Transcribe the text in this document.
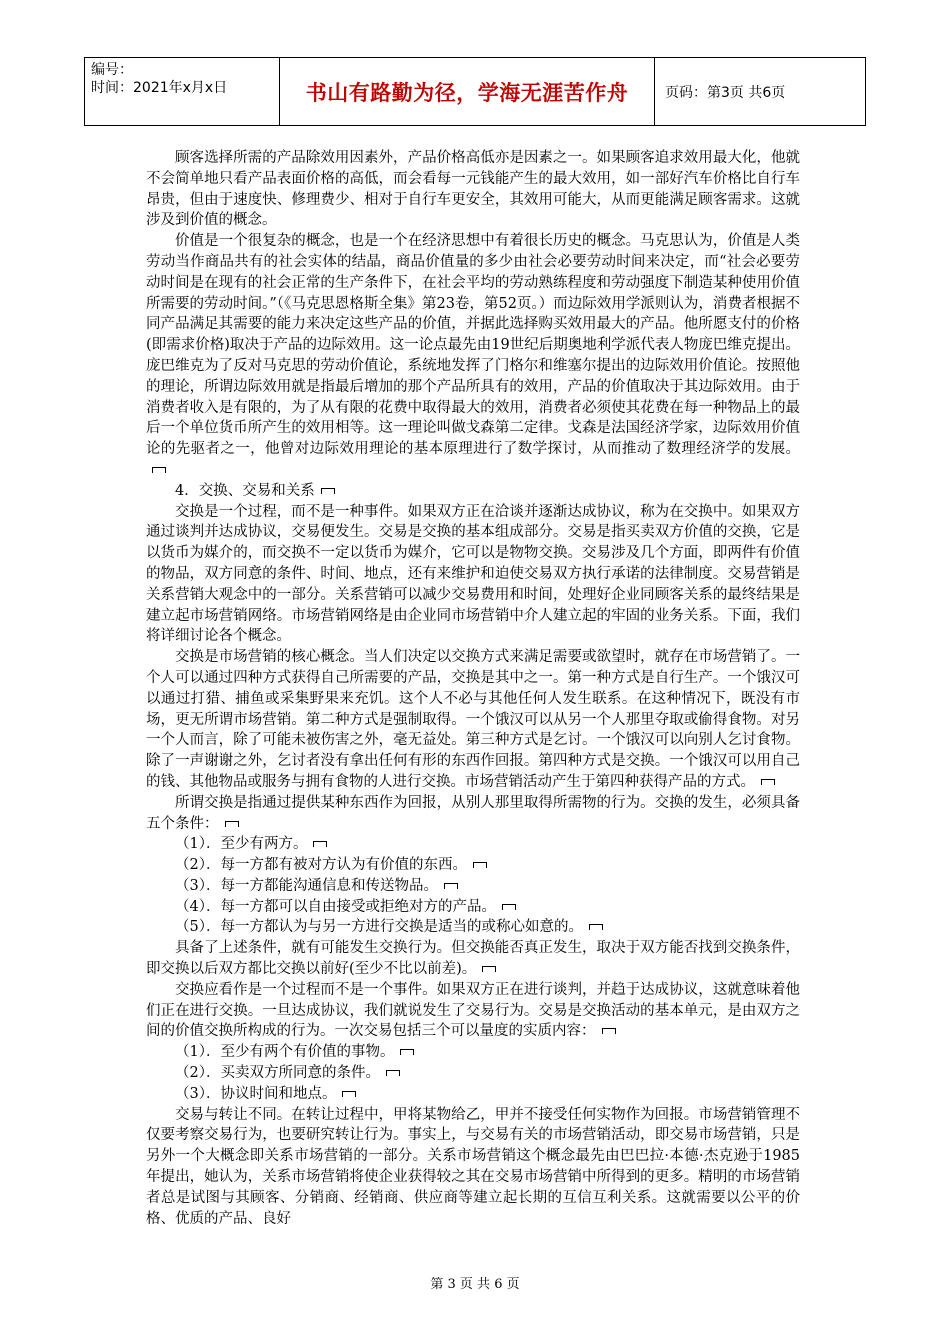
编号：
时间：2021年x月x日	书山有路勤为径，学海无涯苦作舟	页码：第3页 共6页

顾客选择所需的产品除效用因素外，产品价格高低亦是因素之一。如果顾客追求效用最大化，他就不会简单地只看产品表面价格的高低，而会看每一元钱能产生的最大效用，如一部好汽车价格比自行车昂贵，但由于速度快、修理费少、相对于自行车更安全，其效用可能大，从而更能满足顾客需求。这就涉及到价值的概念。

价值是一个很复杂的概念，也是一个在经济思想中有着很长历史的概念。马克思认为，价值是人类劳动当作商品共有的社会实体的结晶，商品价值量的多少由社会必要劳动时间来决定，而“社会必要劳动时间是在现有的社会正常的生产条件下，在社会平均的劳动熟练程度和劳动强度下制造某种使用价值所需要的劳动时间。”（《马克思恩格斯全集》第23卷，第52页。）而边际效用学派则认为，消费者根据不同产品满足其需要的能力来决定这些产品的价值，并据此选择购买效用最大的产品。他所愿支付的价格(即需求价格)取决于产品的边际效用。这一论点最先由19世纪后期奥地利学派代表人物庞巴维克提出。庞巴维克为了反对马克思的劳动价值论，系统地发挥了门格尔和维塞尔提出的边际效用价值论。按照他的理论，所谓边际效用就是指最后增加的那个产品所具有的效用，产品的价值取决于其边际效用。由于消费者收入是有限的，为了从有限的花费中取得最大的效用，消费者必须使其花费在每一种物品上的最后一个单位货币所产生的效用相等。这一理论叫做戈森第二定律。戈森是法国经济学家，边际效用价值论的先驱者之一，他曾对边际效用理论的基本原理进行了数学探讨，从而推动了数理经济学的发展。

4．交换、交易和关系

交换是一个过程，而不是一种事件。如果双方正在洽谈并逐渐达成协议，称为在交换中。如果双方通过谈判并达成协议，交易便发生。交易是交换的基本组成部分。交易是指买卖双方价值的交换，它是以货币为媒介的，而交换不一定以货币为媒介，它可以是物物交换。交易涉及几个方面，即两件有价值的物品，双方同意的条件、时间、地点，还有来维护和迫使交易双方执行承诺的法律制度。交易营销是关系营销大观念中的一部分。关系营销可以减少交易费用和时间，处理好企业同顾客关系的最终结果是建立起市场营销网络。市场营销网络是由企业同市场营销中介人建立起的牢固的业务关系。下面，我们将详细讨论各个概念。

交换是市场营销的核心概念。当人们决定以交换方式来满足需要或欲望时，就存在市场营销了。一个人可以通过四种方式获得自己所需要的产品，交换是其中之一。第一种方式是自行生产。一个饿汉可以通过打猎、捕鱼或采集野果来充饥。这个人不必与其他任何人发生联系。在这种情况下，既没有市场，更无所谓市场营销。第二种方式是强制取得。一个饿汉可以从另一个人那里夺取或偷得食物。对另一个人而言，除了可能未被伤害之外，毫无益处。第三种方式是乞讨。一个饿汉可以向别人乞讨食物。除了一声谢谢之外，乞讨者没有拿出任何有形的东西作回报。第四种方式是交换。一个饿汉可以用自己的钱、其他物品或服务与拥有食物的人进行交换。市场营销活动产生于第四种获得产品的方式。

所谓交换是指通过提供某种东西作为回报，从别人那里取得所需物的行为。交换的发生，必须具备五个条件：

（1）．至少有两方。

（2）．每一方都有被对方认为有价值的东西。

（3）．每一方都能沟通信息和传送物品。

（4）．每一方都可以自由接受或拒绝对方的产品。

（5）．每一方都认为与另一方进行交换是适当的或称心如意的。

具备了上述条件，就有可能发生交换行为。但交换能否真正发生，取决于双方能否找到交换条件，即交换以后双方都比交换以前好(至少不比以前差)。

交换应看作是一个过程而不是一个事件。如果双方正在进行谈判，并趋于达成协议，这就意味着他们正在进行交换。一旦达成协议，我们就说发生了交易行为。交易是交换活动的基本单元，是由双方之间的价值交换所构成的行为。一次交易包括三个可以量度的实质内容：

（1）．至少有两个有价值的事物。

（2）．买卖双方所同意的条件。

（3）．协议时间和地点。

交易与转让不同。在转让过程中，甲将某物给乙，甲并不接受任何实物作为回报。市场营销管理不仅要考察交易行为，也要研究转让行为。事实上，与交易有关的市场营销活动，即交易市场营销，只是另外一个大概念即关系市场营销的一部分。关系市场营销这个概念最先由巴巴拉·本德·杰克逊于1985年提出，她认为，关系市场营销将使企业获得较之其在交易市场营销中所得到的更多。精明的市场营销者总是试图与其顾客、分销商、经销商、供应商等建立起长期的互信互利关系。这就需要以公平的价格、优质的产品、良好

第 3 页 共 6 页
